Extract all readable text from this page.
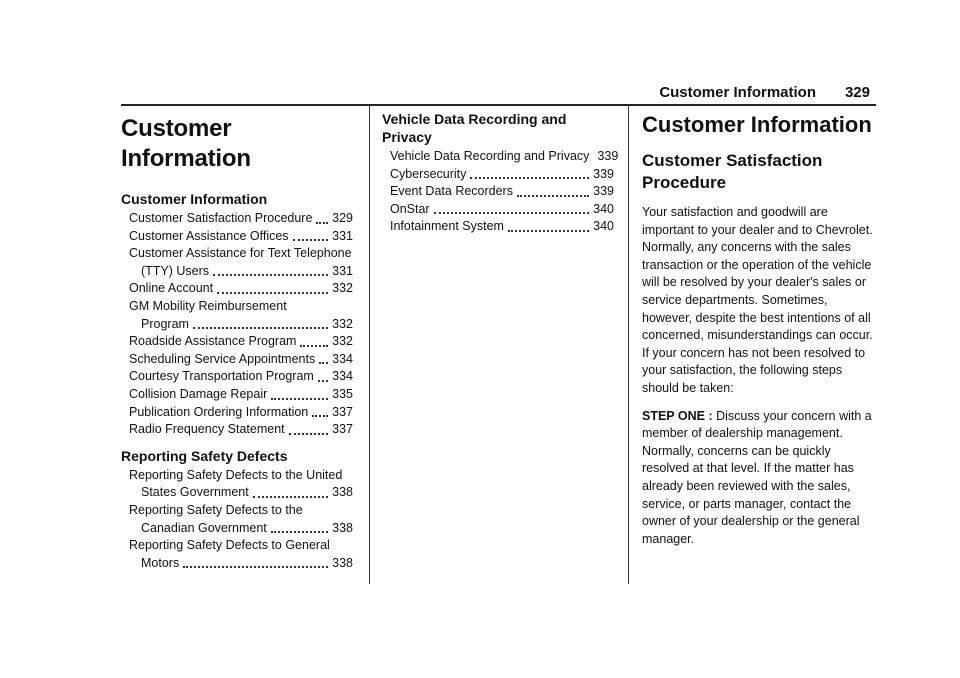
Customer Information 329
Customer Information
Customer Information
Customer Satisfaction Procedure 329
Customer Assistance Offices	331
Customer Assistance for Text Telephone
(TTY) Users	331
Online Account	332
GM Mobility Reimbursement
Program	332
Roadside Assistance Program	332
Scheduling Service Appointments 334
Courtesy Transportation Program 334
Collision Damage Repair	335
Publication Ordering Information 337
Radio Frequency Statement	337
Reporting Safety Defects
Reporting Safety Defects to the United
States Government	338
Reporting Safety Defects to the
Canadian Government	338
Reporting Safety Defects to General
Motors	338
Vehicle Data Recording and Privacy
Vehicle Data Recording and Privacy 339
Cybersecurity	339
Event Data Recorders	339
OnStar	340
Infotainment System	340
Customer Information
Customer Satisfaction Procedure

Your satisfaction and goodwill are important to your dealer and to Chevrolet. Normally, any concerns with the sales transaction or the operation of the vehicle will be resolved by your dealer's sales or service departments. Sometimes, however, despite the best intentions of all concerned, misunderstandings can occur. If your concern has not been resolved to your satisfaction, the following steps should be taken:

STEP ONE : Discuss your concern with a member of dealership management. Normally, concerns can be quickly resolved at that level. If the matter has already been reviewed with the sales, service, or parts manager, contact the owner of your dealership or the general manager.
